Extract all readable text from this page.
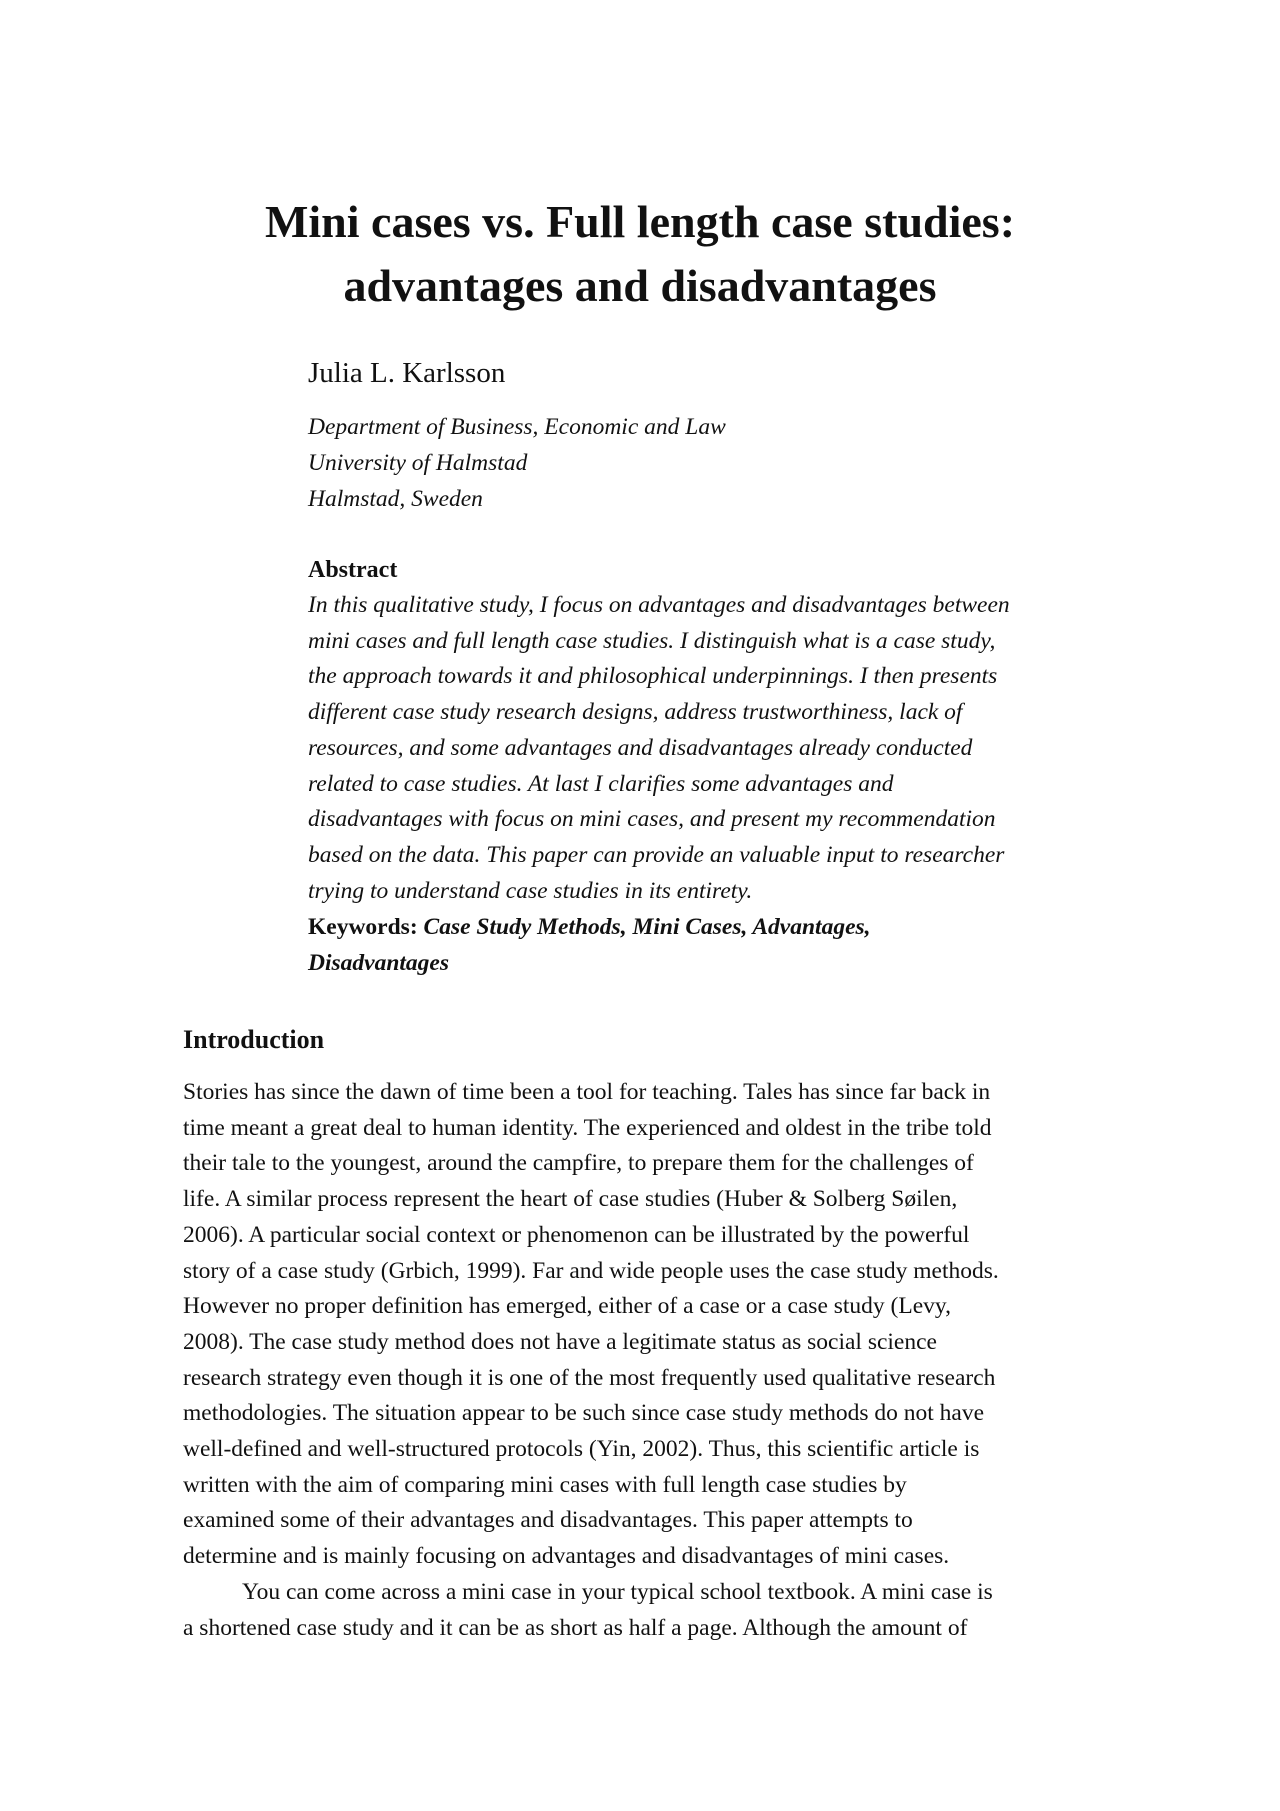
Mini cases vs. Full length case studies:
advantages and disadvantages

Julia L. Karlsson

Department of Business, Economic and Law
University of Halmstad
Halmstad, Sweden

Abstract

In this qualitative study, I focus on advantages and disadvantages between
mini cases and full length case studies. I distinguish what is a case study,
the approach towards it and philosophical underpinnings. I then presents
different case study research designs, address trustworthiness, lack of
resources, and some advantages and disadvantages already conducted
related to case studies. At last I clarifies some advantages and
disadvantages with focus on mini cases, and present my recommendation
based on the data. This paper can provide an valuable input to researcher
trying to understand case studies in its entirety.

Keywords: Case Study Methods, Mini Cases, Advantages,
Disadvantages

Introduction

Stories has since the dawn of time been a tool for teaching. Tales has since far back in
time meant a great deal to human identity. The experienced and oldest in the tribe told
their tale to the youngest, around the campfire, to prepare them for the challenges of
life. A similar process represent the heart of case studies (Huber & Solberg Søilen,
2006). A particular social context or phenomenon can be illustrated by the powerful
story of a case study (Grbich, 1999). Far and wide people uses the case study methods.
However no proper definition has emerged, either of a case or a case study (Levy,
2008). The case study method does not have a legitimate status as social science
research strategy even though it is one of the most frequently used qualitative research
methodologies. The situation appear to be such since case study methods do not have
well-defined and well-structured protocols (Yin, 2002). Thus, this scientific article is
written with the aim of comparing mini cases with full length case studies by
examined some of their advantages and disadvantages. This paper attempts to
determine and is mainly focusing on advantages and disadvantages of mini cases.
You can come across a mini case in your typical school textbook. A mini case is
a shortened case study and it can be as short as half a page. Although the amount of
